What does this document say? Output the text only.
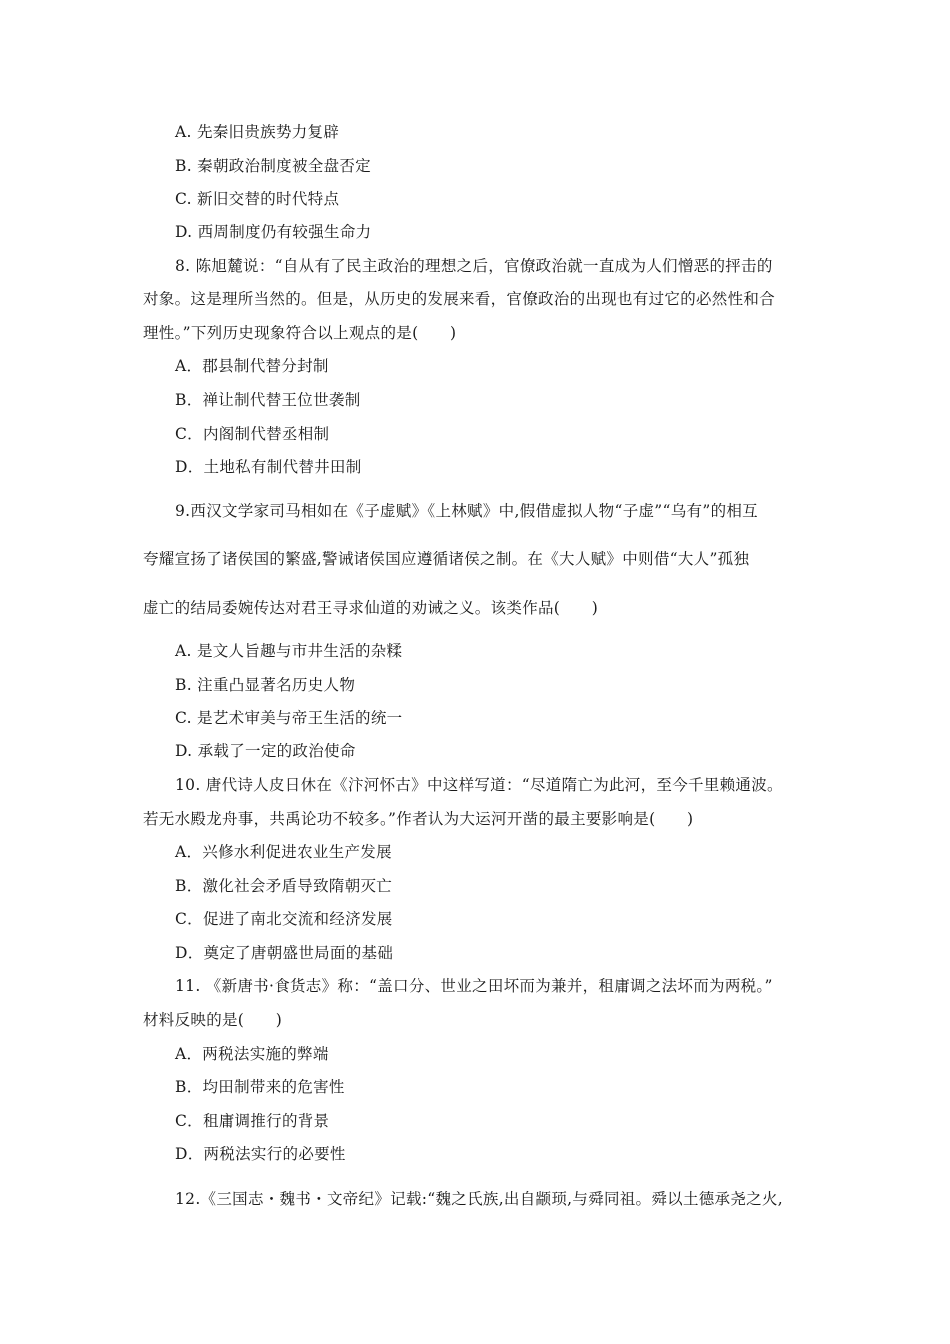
A. 先秦旧贵族势力复辟
B. 秦朝政治制度被全盘否定
C. 新旧交替的时代特点
D. 西周制度仍有较强生命力
8. 陈旭麓说：“自从有了民主政治的理想之后，官僚政治就一直成为人们憎恶的抨击的
对象。这是理所当然的。但是，从历史的发展来看，官僚政治的出现也有过它的必然性和合
理性。”下列历史现象符合以上观点的是(　　)
A．郡县制代替分封制
B．禅让制代替王位世袭制
C．内阁制代替丞相制
D．土地私有制代替井田制
9.西汉文学家司马相如在《子虚赋》《上林赋》中,假借虚拟人物“子虚”“乌有”的相互
夸耀宣扬了诸侯国的繁盛,警诫诸侯国应遵循诸侯之制。在《大人赋》中则借“大人”孤独
虚亡的结局委婉传达对君王寻求仙道的劝诫之义。该类作品(　　)
A. 是文人旨趣与市井生活的杂糅
B. 注重凸显著名历史人物
C. 是艺术审美与帝王生活的统一
D. 承载了一定的政治使命
10. 唐代诗人皮日休在《汴河怀古》中这样写道：“尽道隋亡为此河，至今千里赖通波。
若无水殿龙舟事，共禹论功不较多。”作者认为大运河开凿的最主要影响是(　　)
A．兴修水利促进农业生产发展
B．激化社会矛盾导致隋朝灭亡
C．促进了南北交流和经济发展
D．奠定了唐朝盛世局面的基础
11. 《新唐书·食货志》称：“盖口分、世业之田坏而为兼并，租庸调之法坏而为两税。”
材料反映的是(　　)
A．两税法实施的弊端
B．均田制带来的危害性
C．租庸调推行的背景
D．两税法实行的必要性
12.《三国志・魏书・文帝纪》记载:“魏之氏族,出自颛顼,与舜同祖。舜以土德承尧之火,
